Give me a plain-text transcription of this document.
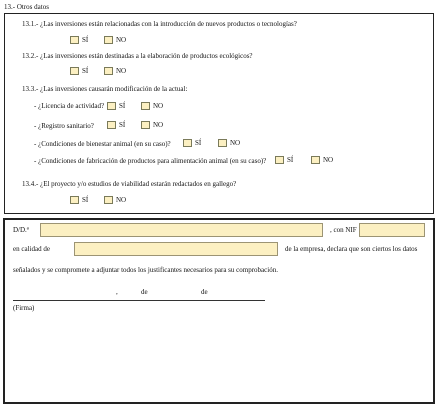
13.- Otros datos
13.1.- ¿Las inversiones están relacionadas con la introducción de nuevos productos o tecnologías?
SÍ	NO
13.2.- ¿Las inversiones están destinadas a la elaboración de productos ecológicos?
SÍ	NO
13.3.- ¿Las inversiones causarán modificación de la actual:
- ¿Licencia de actividad? SÍ	NO
- ¿Registro sanitario?	SÍ	NO
- ¿Condiciones de bienestar animal (en su caso)?	SÍ	NO
- ¿Condiciones de fabricación de productos para alimentación animal (en su caso)?	SÍ	NO
13.4.- ¿El proyecto y/o estudios de viabilidad estarán redactados en gallego?
SÍ	NO
D/D.ª	, con NIF
en calidad de	de la empresa, declara que son ciertos los datos
señalados y se compromete a adjuntar todos los justificantes necesarios para su comprobación.
,	de	de
(Firma)
